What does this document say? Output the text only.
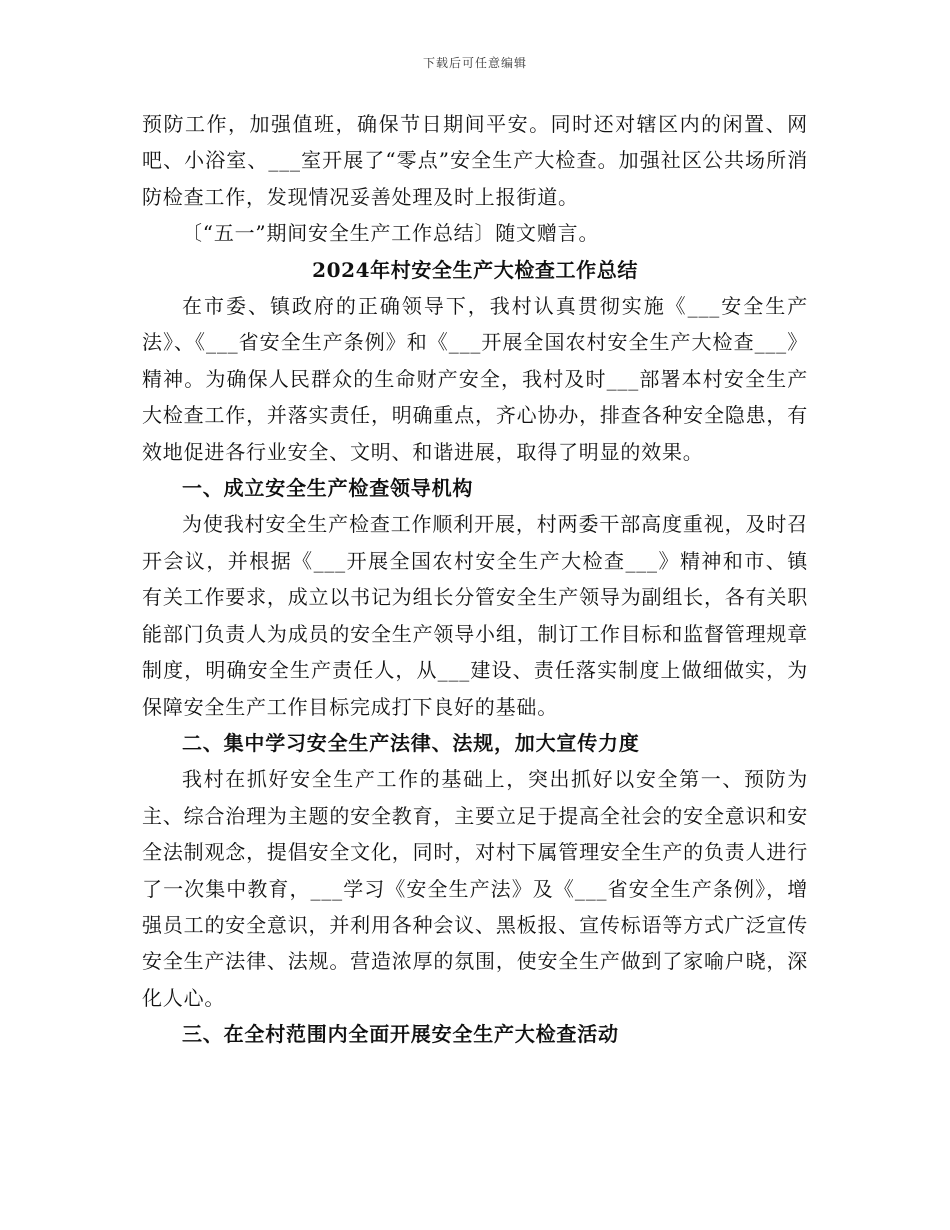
下载后可任意编辑

预防工作，加强值班，确保节日期间平安。同时还对辖区内的闲置、网吧、小浴室、___室开展了“零点”安全生产大检查。加强社区公共场所消防检查工作，发现情况妥善处理及时上报街道。

〔“五一”期间安全生产工作总结〕随文赠言。

2024年村安全生产大检查工作总结

在市委、镇政府的正确领导下，我村认真贯彻实施《___安全生产法》、《___省安全生产条例》和《___开展全国农村安全生产大检查___》精神。为确保人民群众的生命财产安全，我村及时___部署本村安全生产大检查工作，并落实责任，明确重点，齐心协办，排查各种安全隐患，有效地促进各行业安全、文明、和谐进展，取得了明显的效果。

一、成立安全生产检查领导机构

为使我村安全生产检查工作顺利开展，村两委干部高度重视，及时召开会议，并根据《___开展全国农村安全生产大检查___》精神和市、镇有关工作要求，成立以书记为组长分管安全生产领导为副组长，各有关职能部门负责人为成员的安全生产领导小组，制订工作目标和监督管理规章制度，明确安全生产责任人，从___建设、责任落实制度上做细做实，为保障安全生产工作目标完成打下良好的基础。

二、集中学习安全生产法律、法规，加大宣传力度

我村在抓好安全生产工作的基础上，突出抓好以安全第一、预防为主、综合治理为主题的安全教育，主要立足于提高全社会的安全意识和安全法制观念，提倡安全文化，同时，对村下属管理安全生产的负责人进行了一次集中教育，___学习《安全生产法》及《___省安全生产条例》，增强员工的安全意识，并利用各种会议、黑板报、宣传标语等方式广泛宣传安全生产法律、法规。营造浓厚的氛围，使安全生产做到了家喻户晓，深化人心。

三、在全村范围内全面开展安全生产大检查活动
